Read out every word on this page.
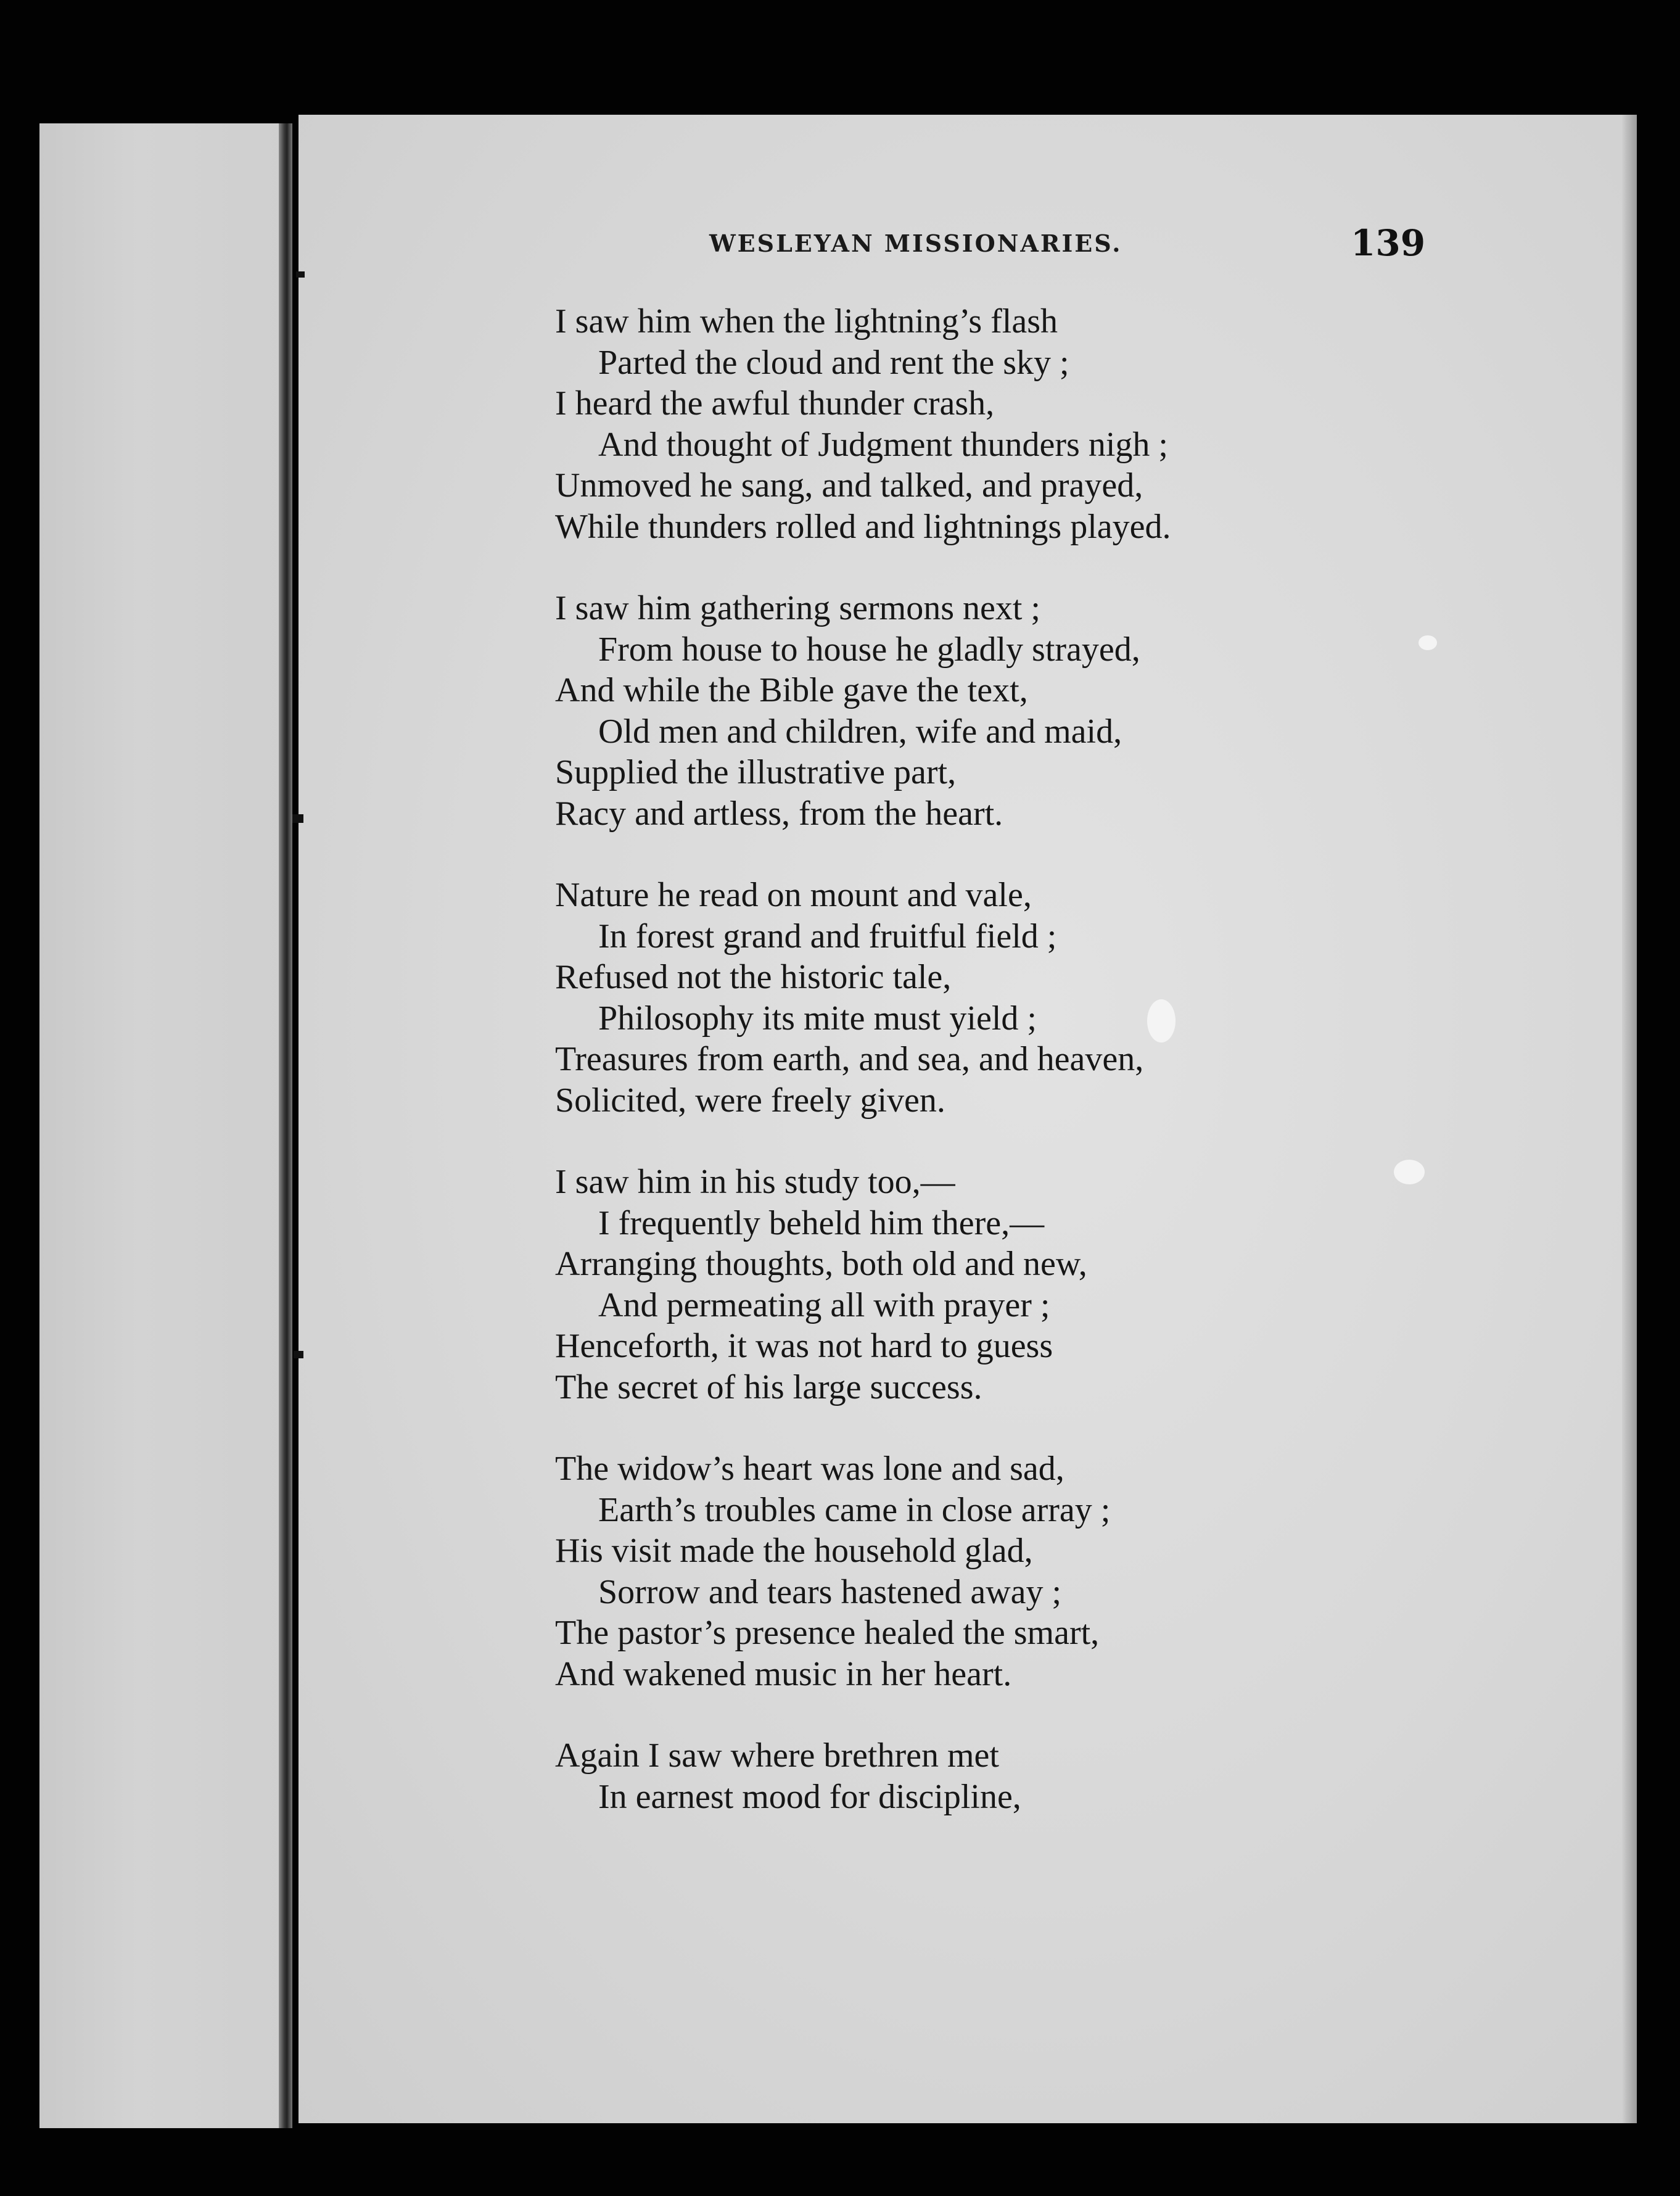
WESLEYAN MISSIONARIES.	139
I saw him when the lightning’s flash
Parted the cloud and rent the sky ;
I heard the awful thunder crash,
And thought of Judgment thunders nigh ;
Unmoved he sang, and talked, and prayed,
While thunders rolled and lightnings played.
I saw him gathering sermons next ;
From house to house he gladly strayed,
And while the Bible gave the text,
Old men and children, wife and maid,
Supplied the illustrative part,
Racy and artless, from the heart.
Nature he read on mount and vale,
In forest grand and fruitful field ;
Refused not the historic tale,
Philosophy its mite must yield ;
Treasures from earth, and sea, and heaven,
Solicited, were freely given.
I saw him in his study too,—
I frequently beheld him there,—
Arranging thoughts, both old and new,
And permeating all with prayer ;
Henceforth, it was not hard to guess
The secret of his large success.
The widow’s heart was lone and sad,
Earth’s troubles came in close array ;
His visit made the household glad,
Sorrow and tears hastened away ;
The pastor’s presence healed the smart,
And wakened music in her heart.
Again I saw where brethren met
In earnest mood for discipline,
